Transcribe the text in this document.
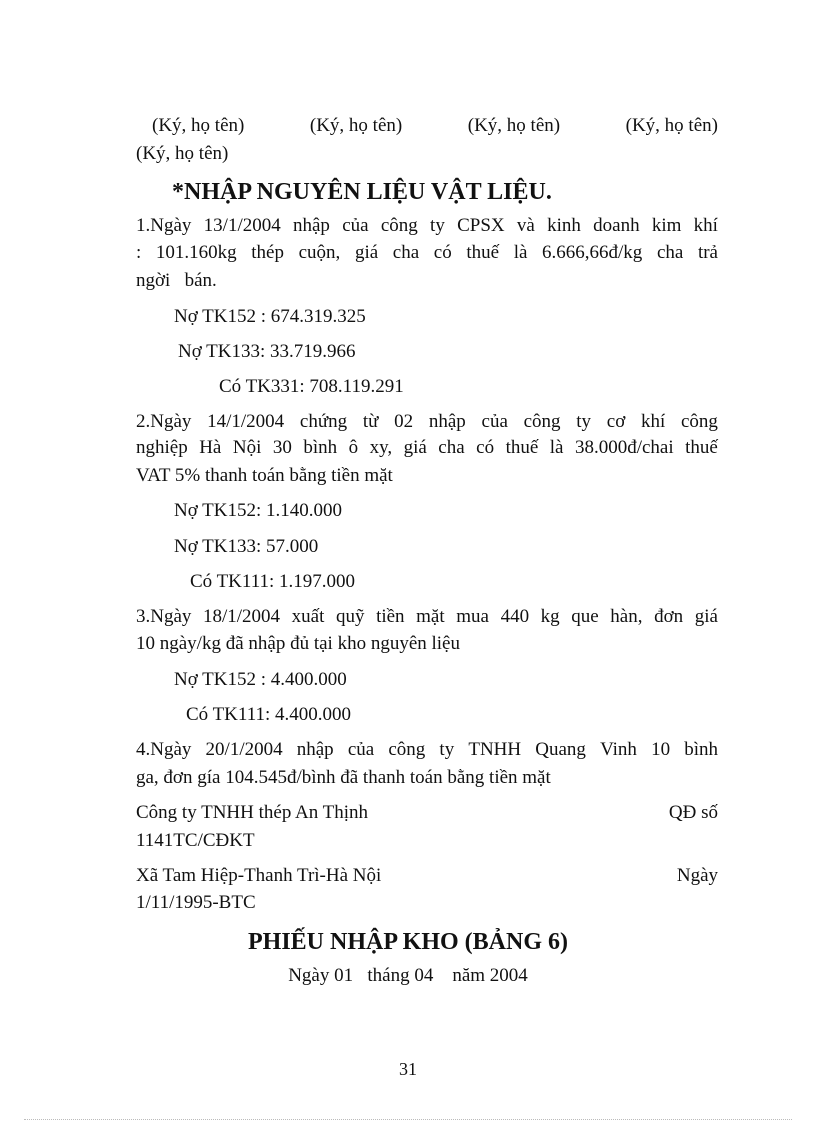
(Ký, họ tên)	(Ký, họ tên)	(Ký, họ tên)	(Ký, họ tên)
(Ký, họ tên)
*NHẬP NGUYÊN LIỆU VẬT LIỆU.
1.Ngày 13/1/2004 nhập của công ty CPSX và kinh doanh kim khí
: 101.160kg thép cuộn, giá cha có thuế là 6.666,66đ/kg cha trả
ngời   bán.
Nợ TK152 : 674.319.325
Nợ TK133: 33.719.966
Có TK331: 708.119.291
2.Ngày 14/1/2004 chứng từ 02 nhập của công ty cơ khí công
nghiệp Hà Nội 30 bình ô xy, giá cha có thuế là 38.000đ/chai thuế
VAT 5% thanh toán bằng tiền mặt
Nợ TK152: 1.140.000
Nợ TK133: 57.000
Có TK111: 1.197.000
3.Ngày 18/1/2004 xuất quỹ tiền mặt mua 440 kg que hàn, đơn giá
10 ngày/kg đã nhập đủ tại kho nguyên liệu
Nợ TK152 : 4.400.000
Có TK111: 4.400.000
4.Ngày 20/1/2004 nhập của công ty TNHH Quang Vinh 10 bình
ga, đơn gía 104.545đ/bình đã thanh toán bằng tiền mặt
Công ty TNHH thép An Thịnh	QĐ số
1141TC/CĐKT
Xã Tam Hiệp-Thanh Trì-Hà Nội	Ngày
1/11/1995-BTC
PHIẾU NHẬP KHO (BẢNG 6)
Ngày 01   tháng 04    năm 2004
31
